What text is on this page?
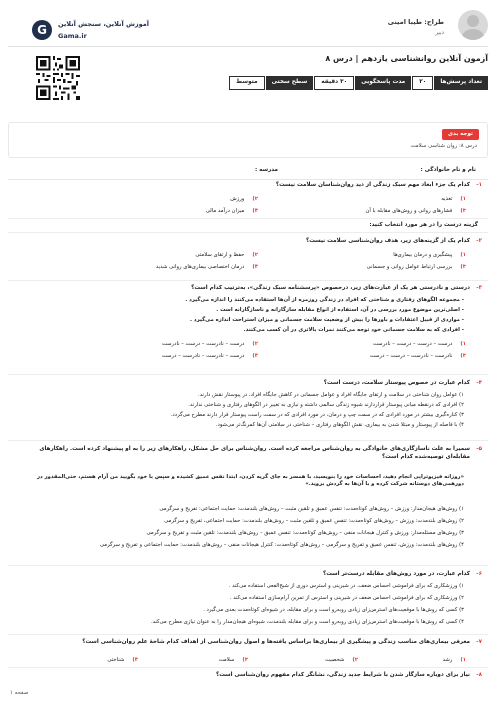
G	آموزش آنلاین، سنجش آنلاین
Gama.ir
طراح: طیبا امینی
دبیر
آزمون آنلاین روانشناسی یازدهم | درس ۸
تعداد پرسش‌ها
۲۰
مدت پاسخگویی
۳۰ دقیقه
سطح سختی
متوسط
توجه بدی
درس ۸: روان شناسی سلامت
نام و نام خانوادگی :
مدرسه :
۱-
کدام یک جزء ابعاد مهم سبک زندگی از دید روان‌شناسان سلامت نیست؟
۱)تغذیه
۲)ورزش
۳)فشارهای روانی و روش‌های مقابله با آن
۴)میزان درآمد مالی
گزینه درست را در هر مورد انتخاب کنید:
۲-
کدام یک از گزینه‌های زیر، هدف روان‌شناسی سلامت نیست؟
۱)پیشگیری و درمان بیماری‌ها
۲)حفظ و ارتقای سلامتی
۳)بررسی ارتباط عوامل روانی و جسمانی
۴)درمان اختصاصی بیماری‌های روانی شدید
۳-
درستی و نادرستی هر یک از عبارت‌های زیر، درخصوص «پرسشنامه سبک زندگی»، به‌ترتیب کدام است؟
- مجموعه الگوهای رفتاری و شناختی که افراد در زندگی روزمره از آن‌ها استفاده می‌کنند را اندازه می‌گیرد .
- اصلی‌ترین موضوع مورد بررسی در آن، استفاده از انواع مقابله سازگارانه و ناسازگارانه است .
- مواردی از قبیل اعتقادات و باورها را بیش از وضعیت سلامت جسمانی و میزان استراحت اندازه می‌گیرد .
- افرادی که به سلامت جسمانی خود توجه می‌کنند نمرات بالاتری در آن کسب می‌کنند.
۱)درست – درست – درست – نادرست
۲)درست – نادرست – درست – نادرست
۳)نادرست – نادرست – درست – درست
۴)درست – نادرست – نادرست – درست
۴-
کدام عبارت در خصوص پیوستار سلامت، درست است؟
۱) عوامل روان شناختی در سلامت و ارتقای جایگاه افراد و عوامل جسمانی در کاهش جایگاه افراد، در پیوستار نقش دارند.
۲) افرادی که درنقطه میانی پیوستار قراردارند شیوه زندگی سالمی داشته و نیازی به تغییر در الگوهای رفتاری و شناختی ندارند.
۳) کناره‌گیری بیشتر در مورد افرادی که در سمت چپ و درمان، در مورد افرادی که در سمت راست پیوستار قرار دارند مطرح می‌گردد.
۴) با فاصله از پیوستار و مبتلا شدن به بیماری، نقش الگوهای رفتاری – شناختی در سلامتی آن‌ها کمرنگ‌تر می‌شود.
۵-
سمیرا به علت ناسازگاری‌های خانوادگی به روان‌شناس مراجعه کرده است. روان‌شناس برای حل مشکل، راهکارهای زیر را به او پیشنهاد کرده است. راهکارهای مقابله‌ای توصیه‌شده کدام است؟
«روزانه فیزیوتراپی انجام دهید، احساسات خود را بنویسید، با همسر به جای گریه کردن، ابتدا نفس عمیق کشیده و سپس با خود بگویید من آرام هستم، حتی‌المقدور در دورهمی‌های دوستانه شرکت کرده و با آن‌ها به گردش بروید.»
۱) روش‌های هیجان‌مدار: ورزش – روش‌های کوتاه‌مدت: تنفس عمیق و تلقین مثبت – روش‌های بلندمدت: حمایت اجتماعی: تفریح و سرگرمی
۲) روش‌های بلندمدت: ورزش – روش‌های کوتاه‌مدت: تنفس عمیق و تلقین مثبت – روش‌های بلندمدت: حمایت اجتماعی، تفریح و سرگرمی
۳) روش‌های مسئله‌مدار: ورزش و کنترل هیجانات منفی – روش‌های کوتاه‌مدت: تنفس عمیق – روش‌های بلندمدت: تلقین مثبت و تفریح و سرگرمی
۴) روش‌های بلندمدت: ورزش، تنفس عمیق و تفریح و سرگرمی – روش‌های کوتاه‌مدت: کنترل هیجانات منفی – روش‌های بلندمدت: حمایت اجتماعی و تفریح و سرگرمی
۶-
کدام عبارت، در مورد روش‌های مقابله درست‌تر است؟
۱) ورزشکاری که برای فراموشی احساس ضعف، در شیرینی و استرس دوری از شیخ‌الفعی استفاده می‌کند .
۲) ورزشکاری که برای فراموشی احساس ضعف در شیرینی و استرس از تمرین آرام‌سازی استفاده می‌کند .
۳) کسی که روش‌ها با موقعیت‌های استرس‌زای زیادی روبه‌رو است و برای مقابله، در شیوه‌ای کوتاه‌مدت بعدی می‌گیرد .
۴) کسی که روش‌ها با موقعیت‌های استرس‌زای زیادی روبه‌رو است و برای مقابله بلندمدت، شیوه‌ای هیجان‌مدار را به عنوان نیازی مطرح می‌کند.
۷-
معرفی بیماری‌های مناسب زندگی و پیشگیری از بیماری‌ها براساس یافته‌ها و اصول روان‌شناسی از اهداف کدام شاخهٔ علم روان‌شناسی است؟
۱)رشد
۲)شخصیت
۳)سلامت
۴)شناختی
۸-
نیاز برای دوباره سازگار شدن با شرایط جدید زندگی، نشانگر کدام مفهوم روان‌شناسی است؟
صفحه ۱
